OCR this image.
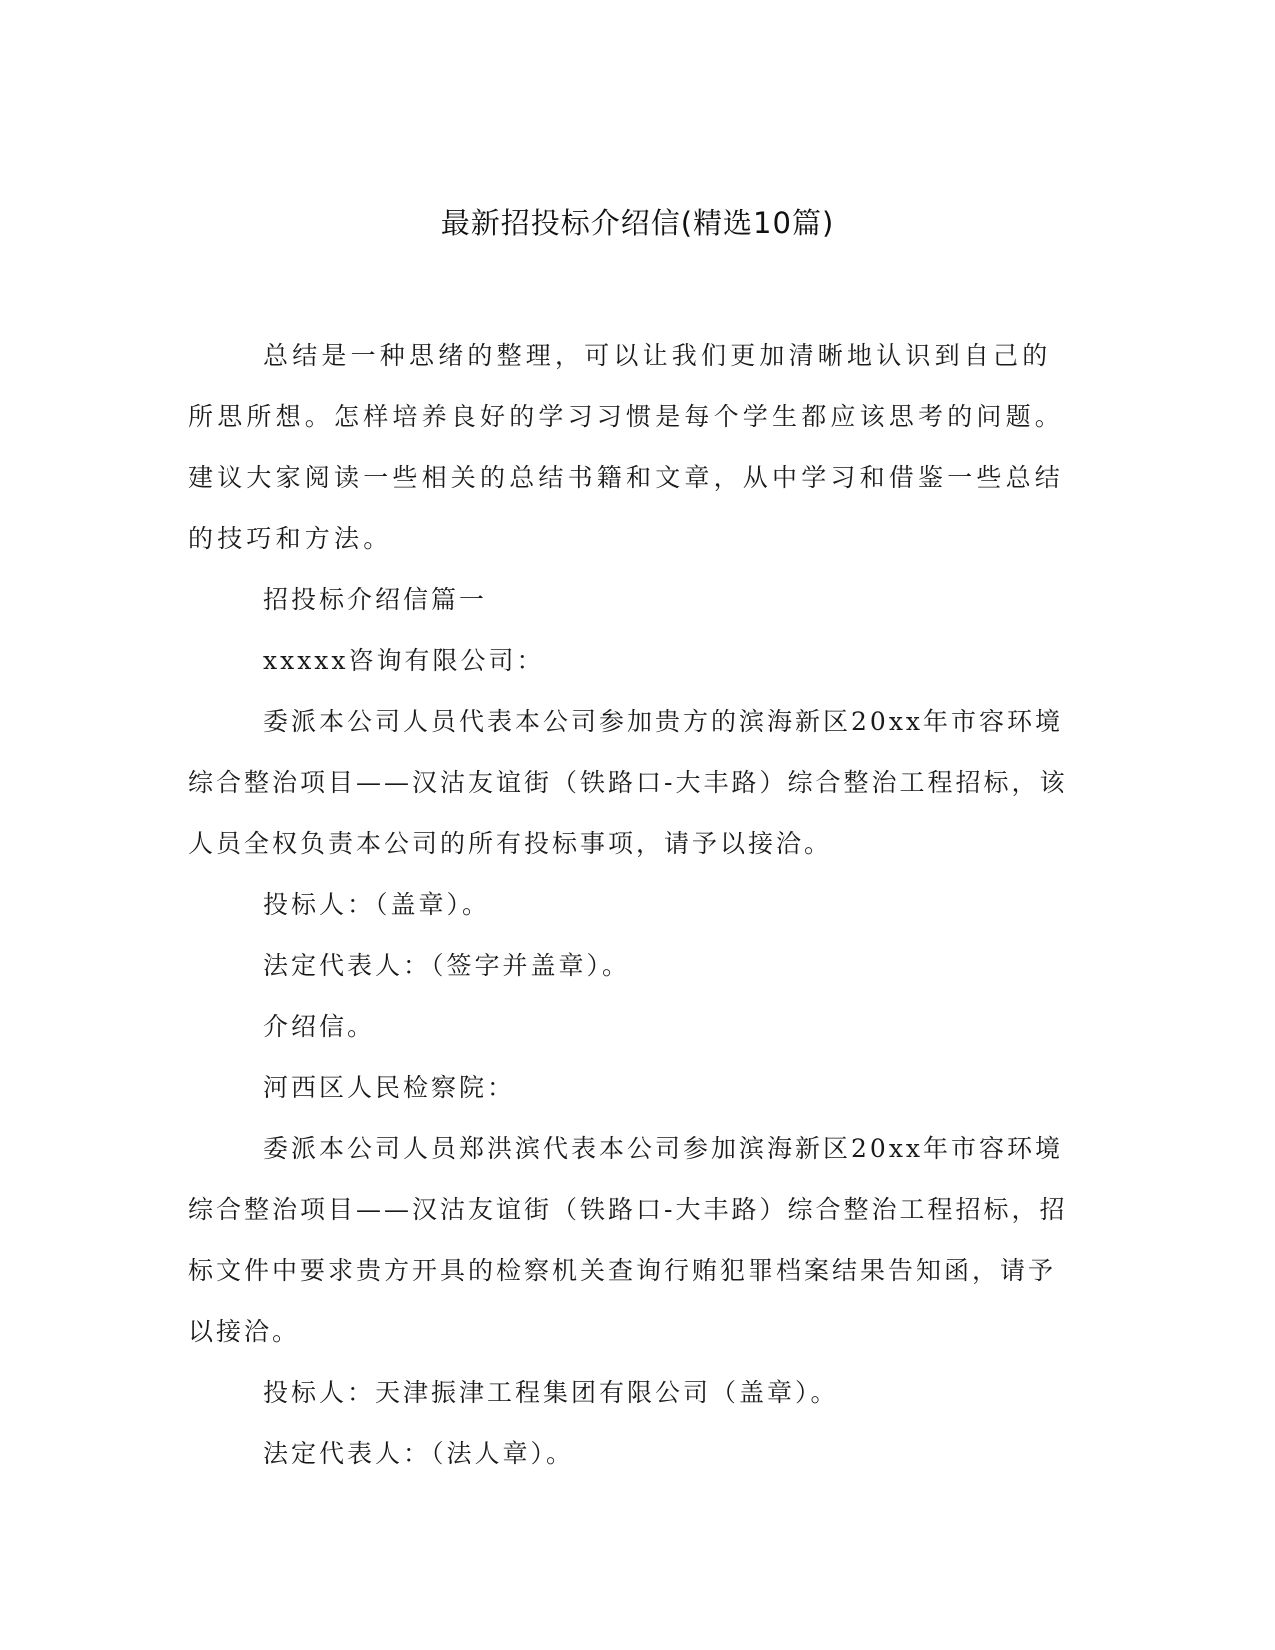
最新招投标介绍信(精选10篇)

总结是一种思绪的整理，可以让我们更加清晰地认识到自己的所思所想。怎样培养良好的学习习惯是每个学生都应该思考的问题。建议大家阅读一些相关的总结书籍和文章，从中学习和借鉴一些总结的技巧和方法。

招投标介绍信篇一

xxxxx咨询有限公司：

委派本公司人员代表本公司参加贵方的滨海新区20xx年市容环境综合整治项目——汉沽友谊街（铁路口-大丰路）综合整治工程招标，该人员全权负责本公司的所有投标事项，请予以接洽。

投标人：（盖章）。

法定代表人：（签字并盖章）。

介绍信。

河西区人民检察院：

委派本公司人员郑洪滨代表本公司参加滨海新区20xx年市容环境综合整治项目——汉沽友谊街（铁路口-大丰路）综合整治工程招标，招标文件中要求贵方开具的检察机关查询行贿犯罪档案结果告知函，请予以接洽。

投标人：天津振津工程集团有限公司（盖章）。

法定代表人：（法人章）。
